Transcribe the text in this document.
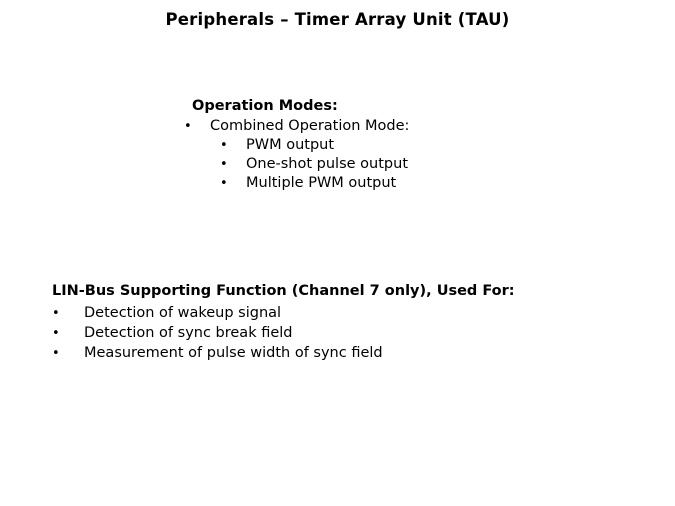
Peripherals – Timer Array Unit (TAU)
Operation Modes:
•	Combined Operation Mode:
•	PWM output
•	One-shot pulse output
•	Multiple PWM output
LIN-Bus Supporting Function (Channel 7 only), Used For:
•	Detection of wakeup signal
•	Detection of sync break field
•	Measurement of pulse width of sync field
